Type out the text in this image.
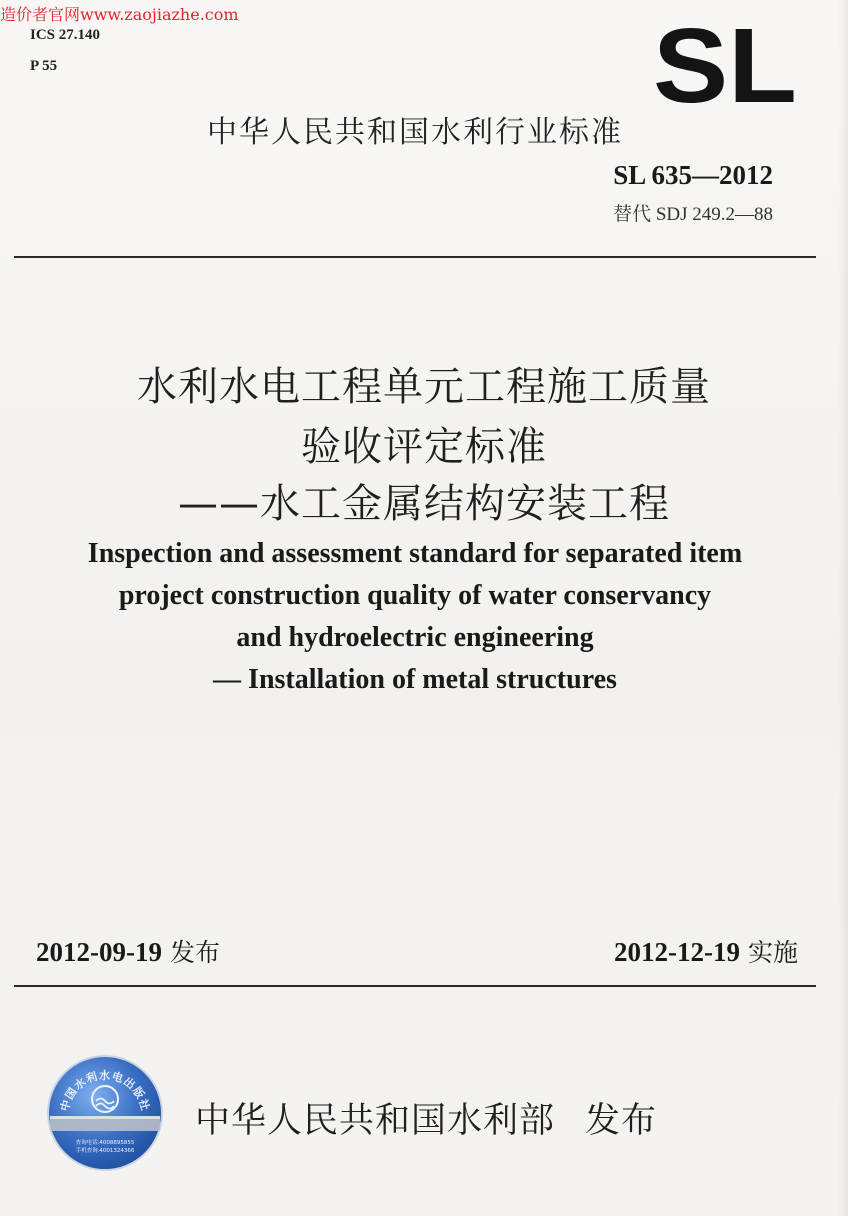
造价者官网www.zaojiazhe.com
ICS 27.140
P 55	SL
中华人民共和国水利行业标准
SL 635—2012
替代 SDJ 249.2—88
水利水电工程单元工程施工质量
验收评定标准
——水工金属结构安装工程
Inspection and assessment standard for separated item
project construction quality of water conservancy
and hydroelectric engineering
— Installation of metal structures
2012-09-19 发布	2012-12-19 实施
中国水利水电出版社
查询电话:4008895855
手机查询:4001324366
中华人民共和国水利部 发布
